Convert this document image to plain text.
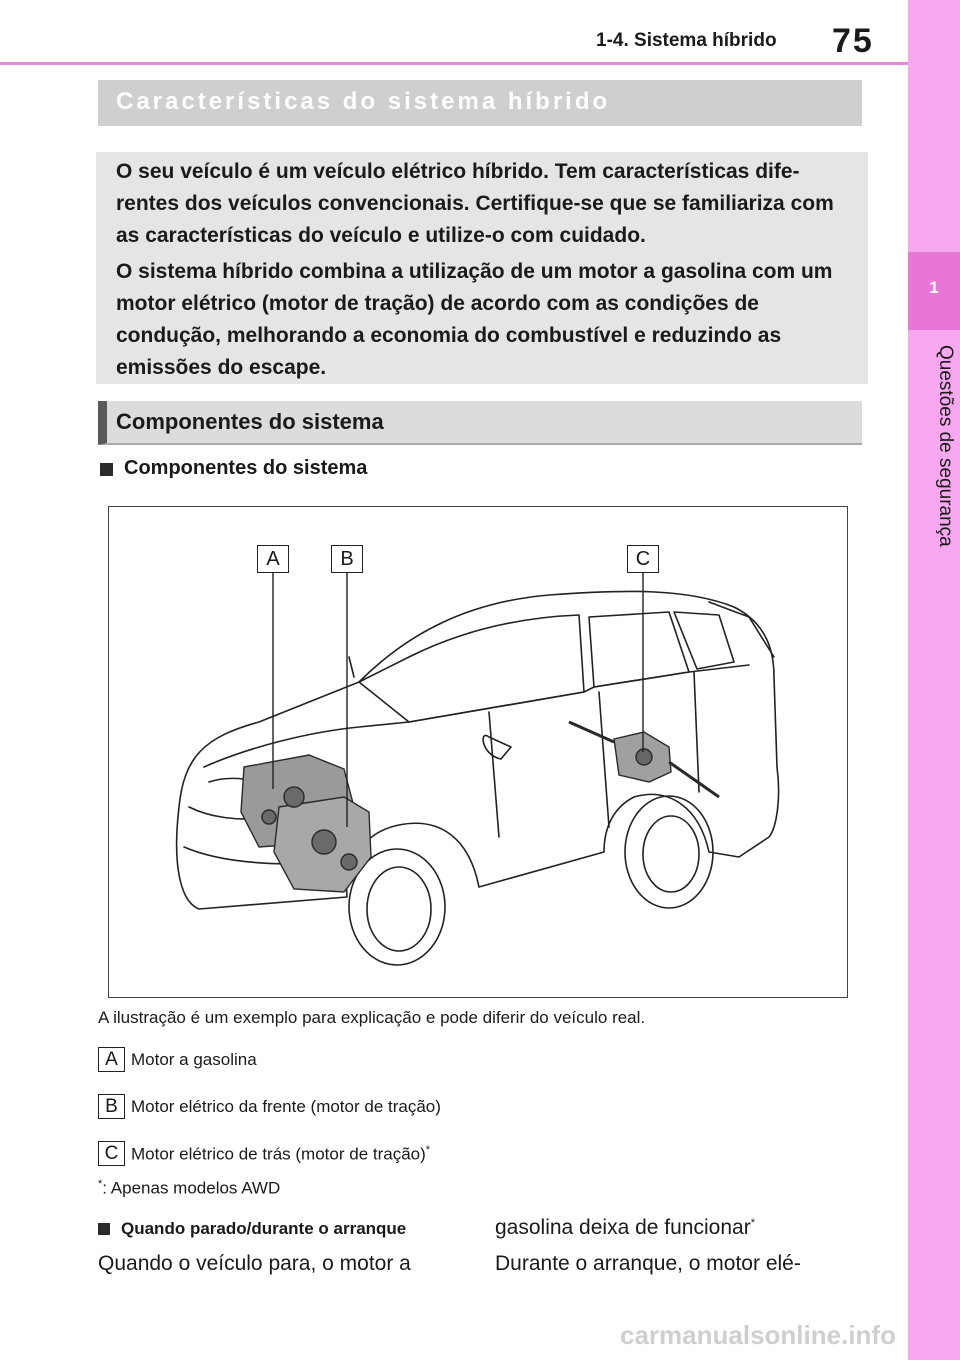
1-4. Sistema híbrido 75
1
Questões de segurança
Características do sistema híbrido
O seu veículo é um veículo elétrico híbrido. Tem características dife-rentes dos veículos convencionais. Certifique-se que se familiariza com as características do veículo e utilize-o com cuidado.
O sistema híbrido combina a utilização de um motor a gasolina com um motor elétrico (motor de tração) de acordo com as condições de condução, melhorando a economia do combustível e reduzindo as emissões do escape.
Componentes do sistema
Componentes do sistema
A	B	C
A ilustração é um exemplo para explicação e pode diferir do veículo real.
A Motor a gasolina
B Motor elétrico da frente (motor de tração)
C Motor elétrico de trás (motor de tração)*
*: Apenas modelos AWD
Quando parado/durante o arranque
Quando o veículo para, o motor a
gasolina deixa de funcionar*
Durante o arranque, o motor elé-
carmanualsonline.info
